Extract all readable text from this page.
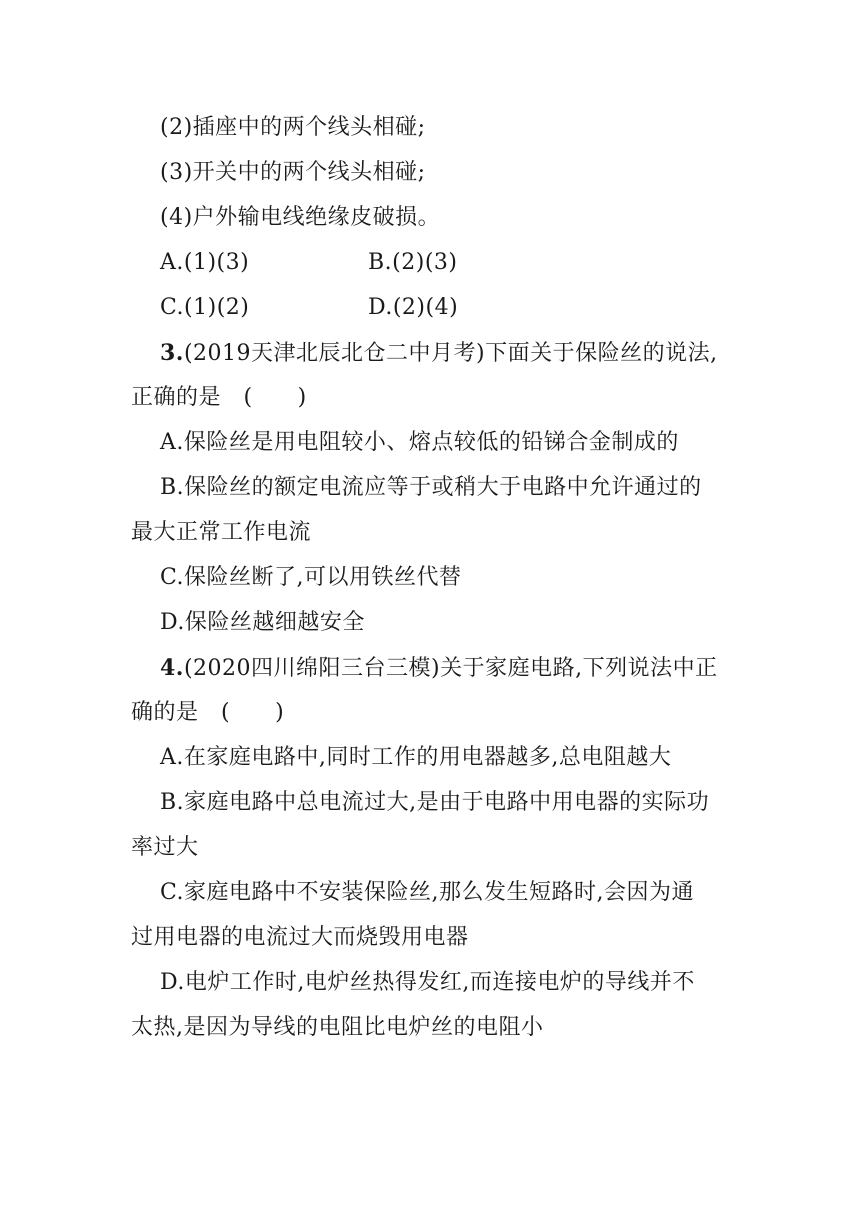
(2)插座中的两个线头相碰;
(3)开关中的两个线头相碰;
(4)户外输电线绝缘皮破损。
A.(1)(3)	B.(2)(3)
C.(1)(2)	D.(2)(4)
3.(2019天津北辰北仓二中月考)下面关于保险丝的说法,
正确的是　(　　)
A.保险丝是用电阻较小、熔点较低的铅锑合金制成的
B.保险丝的额定电流应等于或稍大于电路中允许通过的
最大正常工作电流
C.保险丝断了,可以用铁丝代替
D.保险丝越细越安全
4.(2020四川绵阳三台三模)关于家庭电路,下列说法中正
确的是　(　　)
A.在家庭电路中,同时工作的用电器越多,总电阻越大
B.家庭电路中总电流过大,是由于电路中用电器的实际功
率过大
C.家庭电路中不安装保险丝,那么发生短路时,会因为通
过用电器的电流过大而烧毁用电器
D.电炉工作时,电炉丝热得发红,而连接电炉的导线并不
太热,是因为导线的电阻比电炉丝的电阻小
